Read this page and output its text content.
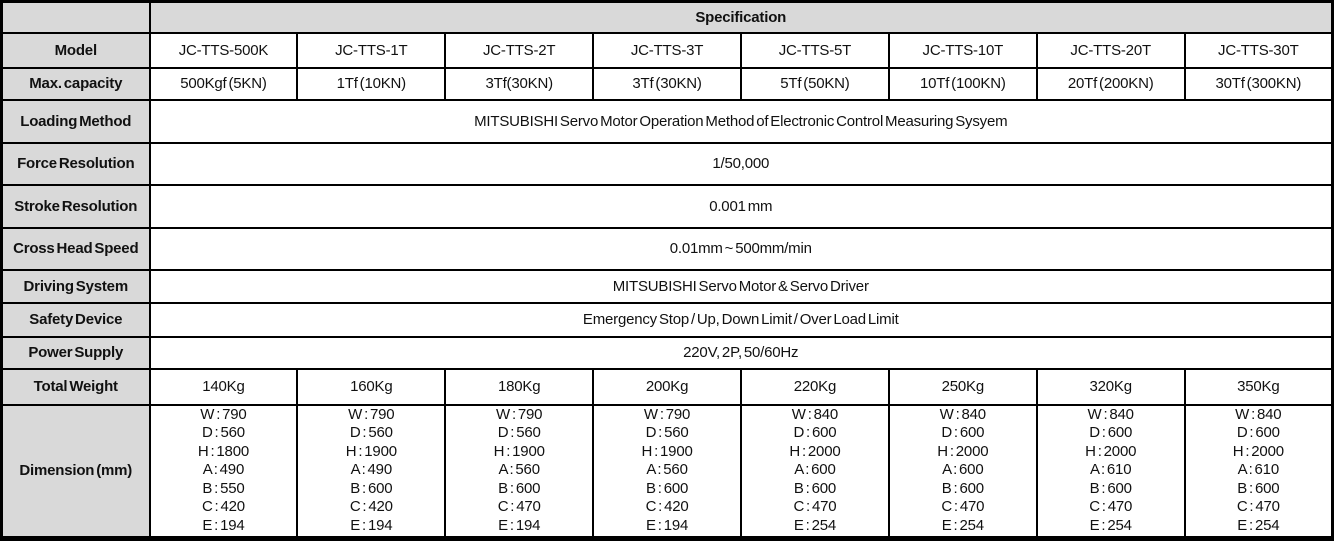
	Specification							
Model	JC-TTS-500K	JC-TTS-1T	JC-TTS-2T	JC-TTS-3T	JC-TTS-5T	JC-TTS-10T	JC-TTS-20T	JC-TTS-30T
Max. capacity	500Kgf (5KN)	1Tf (10KN)	3Tf(30KN)	3Tf (30KN)	5Tf (50KN)	10Tf (100KN)	20Tf (200KN)	30Tf (300KN)
Loading Method	MITSUBISHI Servo Motor Operation Method of Electronic Control Measuring Sysyem							
Force Resolution	1/50,000							
Stroke Resolution	0.001 mm							
Cross Head Speed	0.01mm ~ 500mm/min							
Driving System	MITSUBISHI Servo Motor & Servo Driver							
Safety Device	Emergency Stop / Up, Down Limit / Over Load Limit							
Power Supply	220V, 2P, 50/60Hz							
Total Weight	140Kg	160Kg	180Kg	200Kg	220Kg	250Kg	320Kg	350Kg
Dimension (mm)	W : 790
D : 560
H : 1800
A : 490
B : 550
C : 420
E : 194	W : 790
D : 560
H : 1900
A : 490
B : 600
C : 420
E : 194	W : 790
D : 560
H : 1900
A : 560
B : 600
C : 470
E : 194	W : 790
D : 560
H : 1900
A : 560
B : 600
C : 420
E : 194	W : 840
D : 600
H : 2000
A : 600
B : 600
C : 470
E : 254	W : 840
D : 600
H : 2000
A : 600
B : 600
C : 470
E : 254	W : 840
D : 600
H : 2000
A : 610
B : 600
C : 470
E : 254	W : 840
D : 600
H : 2000
A : 610
B : 600
C : 470
E : 254
